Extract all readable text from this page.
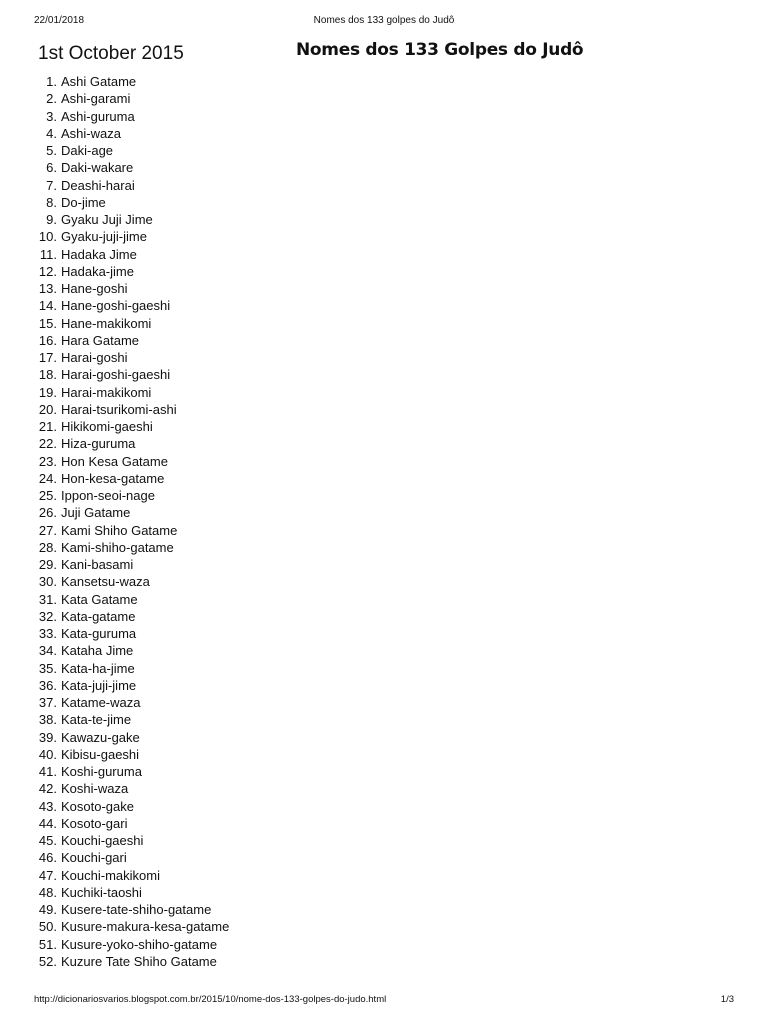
22/01/2018	Nomes dos 133 golpes do Judô
1st October 2015	Nomes dos 133 Golpes do Judô
1. Ashi Gatame
2. Ashi-garami
3. Ashi-guruma
4. Ashi-waza
5. Daki-age
6. Daki-wakare
7. Deashi-harai
8. Do-jime
9. Gyaku Juji Jime
10. Gyaku-juji-jime
11. Hadaka Jime
12. Hadaka-jime
13. Hane-goshi
14. Hane-goshi-gaeshi
15. Hane-makikomi
16. Hara Gatame
17. Harai-goshi
18. Harai-goshi-gaeshi
19. Harai-makikomi
20. Harai-tsurikomi-ashi
21. Hikikomi-gaeshi
22. Hiza-guruma
23. Hon Kesa Gatame
24. Hon-kesa-gatame
25. Ippon-seoi-nage
26. Juji Gatame
27. Kami Shiho Gatame
28. Kami-shiho-gatame
29. Kani-basami
30. Kansetsu-waza
31. Kata Gatame
32. Kata-gatame
33. Kata-guruma
34. Kataha Jime
35. Kata-ha-jime
36. Kata-juji-jime
37. Katame-waza
38. Kata-te-jime
39. Kawazu-gake
40. Kibisu-gaeshi
41. Koshi-guruma
42. Koshi-waza
43. Kosoto-gake
44. Kosoto-gari
45. Kouchi-gaeshi
46. Kouchi-gari
47. Kouchi-makikomi
48. Kuchiki-taoshi
49. Kusere-tate-shiho-gatame
50. Kusure-makura-kesa-gatame
51. Kusure-yoko-shiho-gatame
52. Kuzure Tate Shiho Gatame
http://dicionariosvarios.blogspot.com.br/2015/10/nome-dos-133-golpes-do-judo.html	1/3
